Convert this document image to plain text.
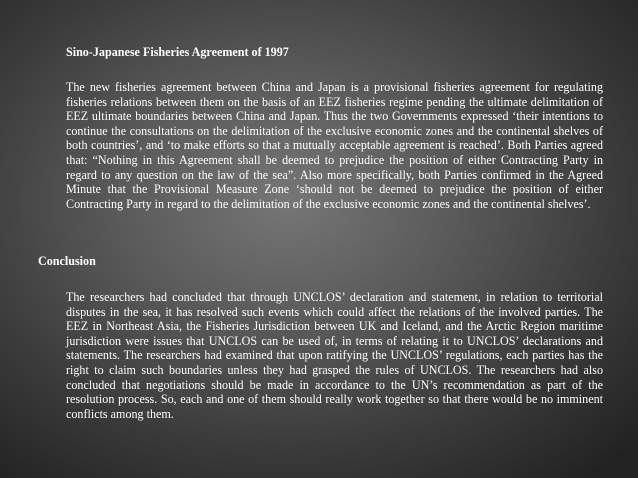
Sino-Japanese Fisheries Agreement of 1997
The new fisheries agreement between China and Japan is a provisional fisheries agreement for regulating fisheries relations between them on the basis of an EEZ fisheries regime pending the ultimate delimitation of EEZ ultimate boundaries between China and Japan. Thus the two Governments expressed ‘their intentions to continue the consultations on the delimitation of the exclusive economic zones and the continental shelves of both countries’, and ‘to make efforts so that a mutually acceptable agreement is reached’. Both Parties agreed that: “Nothing in this Agreement shall be deemed to prejudice the position of either Contracting Party in regard to any question on the law of the sea”. Also more specifically, both Parties confirmed in the Agreed Minute that the Provisional Measure Zone ‘should not be deemed to prejudice the position of either Contracting Party in regard to the delimitation of the exclusive economic zones and the continental shelves’.
Conclusion
The researchers had concluded that through UNCLOS’ declaration and statement, in relation to territorial disputes in the sea, it has resolved such events which could affect the relations of the involved parties. The EEZ in Northeast Asia, the Fisheries Jurisdiction between UK and Iceland, and the Arctic Region maritime jurisdiction were issues that UNCLOS can be used of, in terms of relating it to UNCLOS’ declarations and statements. The researchers had examined that upon ratifying the UNCLOS’ regulations, each parties has the right to claim such boundaries unless they had grasped the rules of UNCLOS. The researchers had also concluded that negotiations should be made in accordance to the UN’s recommendation as part of the resolution process. So, each and one of them should really work together so that there would be no imminent conflicts among them.
